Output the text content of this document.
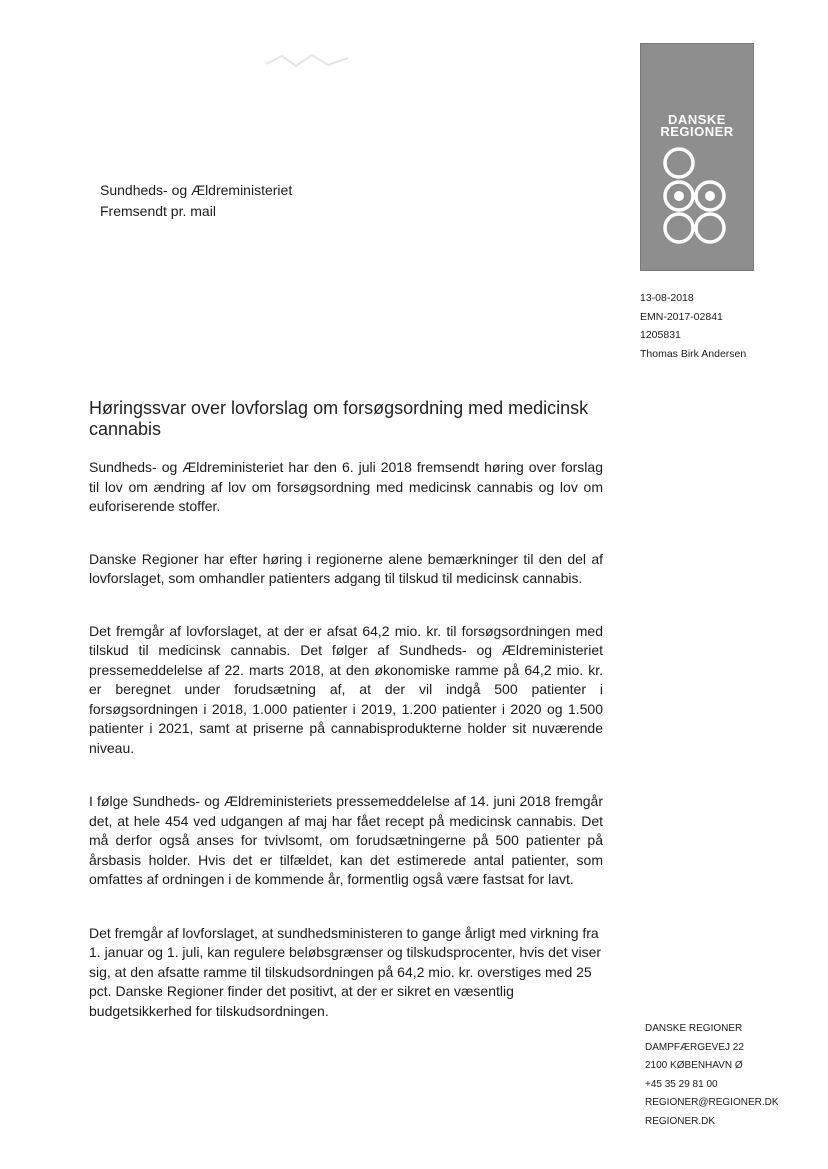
DANSKE
REGIONER
Sundheds- og Ældreministeriet
Fremsendt pr. mail
13-08-2018
EMN-2017-02841
1205831
Thomas Birk Andersen
Høringssvar over lovforslag om forsøgsordning med medicinsk cannabis

Sundheds- og Ældreministeriet har den 6. juli 2018 fremsendt høring over forslag til lov om ændring af lov om forsøgsordning med medicinsk cannabis og lov om euforiserende stoffer.

Danske Regioner har efter høring i regionerne alene bemærkninger til den del af lovforslaget, som omhandler patienters adgang til tilskud til medicinsk cannabis.

Det fremgår af lovforslaget, at der er afsat 64,2 mio. kr. til forsøgsordningen med tilskud til medicinsk cannabis. Det følger af Sundheds- og Ældreministeriet pressemeddelelse af 22. marts 2018, at den økonomiske ramme på 64,2 mio. kr. er beregnet under forudsætning af, at der vil indgå 500 patienter i forsøgsordningen i 2018, 1.000 patienter i 2019, 1.200 patienter i 2020 og 1.500 patienter i 2021, samt at priserne på cannabisprodukterne holder sit nuværende niveau.

I følge Sundheds- og Ældreministeriets pressemeddelelse af 14. juni 2018 fremgår det, at hele 454 ved udgangen af maj har fået recept på medicinsk cannabis. Det må derfor også anses for tvivlsomt, om forudsætningerne på 500 patienter på årsbasis holder. Hvis det er tilfældet, kan det estimerede antal patienter, som omfattes af ordningen i de kommende år, formentlig også være fastsat for lavt.

Det fremgår af lovforslaget, at sundhedsministeren to gange årligt med virkning fra 1. januar og 1. juli, kan regulere beløbsgrænser og tilskudsprocenter, hvis det viser sig, at den afsatte ramme til tilskudsordningen på 64,2 mio. kr. overstiges med 25 pct. Danske Regioner finder det positivt, at der er sikret en væsentlig budgetsikkerhed for tilskudsordningen.

DANSKE REGIONER
DAMPFÆRGEVEJ 22
2100 KØBENHAVN Ø
+45 35 29 81 00
REGIONER@REGIONER.DK
REGIONER.DK
